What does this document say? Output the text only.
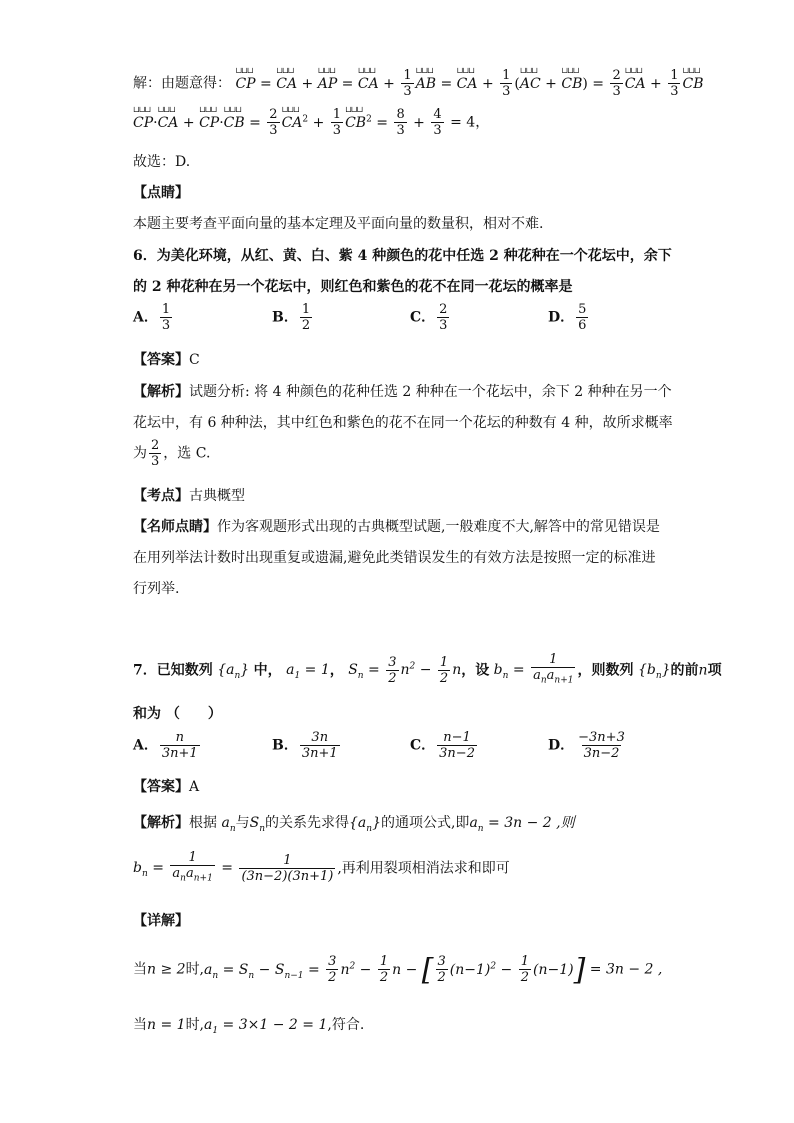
解：由题意得： ⊔⊔⊔ CP = ⊔⊔⊔ CA + ⊔⊔⊔ AP = ⊔⊔⊔ CA + $\frac{1}{3}$ ⊔⊔⊔ AB = ⊔⊔⊔ CA + $\frac{1}{3}$ (⊔⊔⊔ AC + ⊔⊔⊔ $CB) = \frac{2}{3}$ ⊔⊔⊔ CA + $\frac{1}{3}$ ⊔⊔⊔ CB
⊔⊔⊔ CP·⊔⊔⊔ CA + ⊔⊔⊔ CP·⊔⊔⊔ CB = $\frac{2}{3}$ ⊔⊔⊔ $CA^2 + \frac{1}{3}$ ⊔⊔⊔ $CB^2 = \frac{8}{3} + \frac{4}{3} = 4$，
故选：D.
【点睛】
本题主要考查平面向量的基本定理及平面向量的数量积，相对不难.
6．为美化环境，从红、黄、白、紫 4 种颜色的花中任选 2 种花种在一个花坛中，余下
的 2 种花种在另一个花坛中，则红色和紫色的花不在同一花坛的概率是
A． $\frac{1}{3}$	B． $\frac{1}{2}$	C． $\frac{2}{3}$	D． $\frac{5}{6}$
【答案】C
【解析】试题分析: 将 4 种颜色的花种任选 2 种种在一个花坛中，余下 2 种种在另一个
花坛中，有 6 种种法，其中红色和紫色的花不在同一个花坛的种数有 4 种，故所求概率
为 $\frac{2}{3}$ ，选 C.
【考点】古典概型
【名师点睛】作为客观题形式出现的古典概型试题,一般难度不大,解答中的常见错误是
在用列举法计数时出现重复或遗漏,避免此类错误发生的有效方法是按照一定的标准进
行列举.
7．已知数列 $\{a_n\}$ 中， $a_1 = 1$， $S_n = \frac{3}{2} n^2 - \frac{1}{2}$ n，设 $b_n$ =
1
$a_na_{n+1}$
，则数列 $\{b_n\}$的前n项
和为 （　　）
A． $\frac{n}{3n+1}$	B． $\frac{3n}{3n+1}$	C． $\frac{n-1}{3n-2}$	D． $\frac{-3n+3}{3n-2}$
【答案】A
【解析】根据 $a_n$与$S_n$的关系先求得$\{a_n\}$的通项公式,即$a_n = 3n - 2$ ,则
$b_n$ =
1
$a_na_{n+1}$
= $\frac{1}{(3n-2)(3n+1)}$ ,再利用裂项相消法求和即可
【详解】
当n ≥ 2时$,a_n = S_n - S_{n-1} = \frac{3}{2} n^2 - \frac{1}{2}$ n − [ $\frac{3}{2} (n-1)^2 - \frac{1}{2} (n-1)] = 3n - 2$ ,
当n = 1时$,a_1 = 3\times 1 - 2 = 1$,符合.
